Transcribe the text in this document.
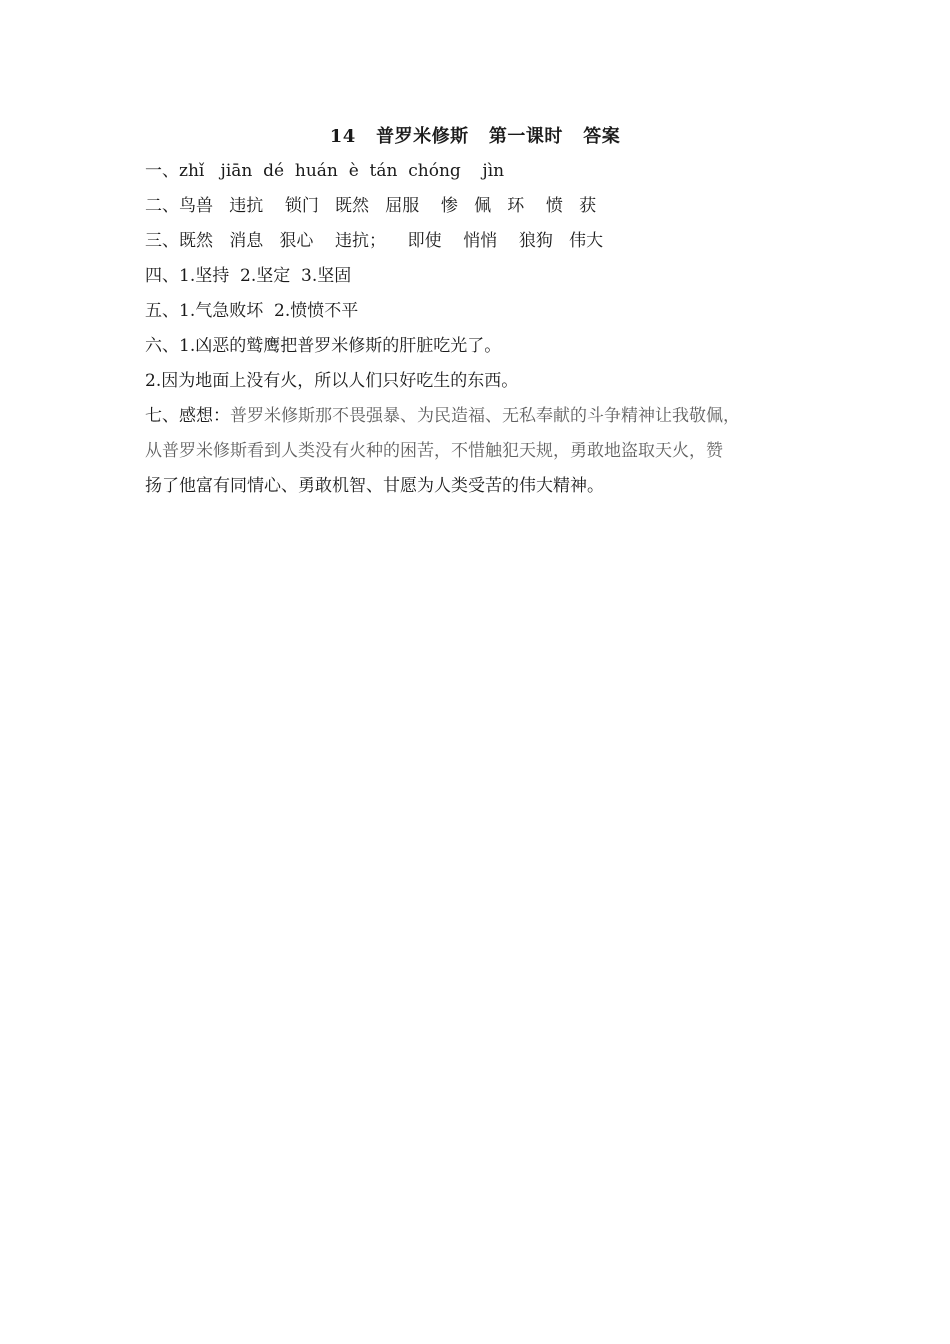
14   普罗米修斯   第一课时   答案
一、zhǐ   jiān  dé  huán  è  tán  chóng    jìn
二、鸟兽   违抗    锁门   既然   屈服    惨   佩   环    愤   获
三、既然   消息   狠心    违抗；    即使    悄悄    狼狗   伟大
四、1.坚持  2.坚定  3.坚固
五、1.气急败坏  2.愤愤不平
六、1.凶恶的鹫鹰把普罗米修斯的肝脏吃光了。
2.因为地面上没有火，所以人们只好吃生的东西。
七、感想：普罗米修斯那不畏强暴、为民造福、无私奉献的斗争精神让我敬佩，
从普罗米修斯看到人类没有火种的困苦，不惜触犯天规，勇敢地盗取天火，赞
扬了他富有同情心、勇敢机智、甘愿为人类受苦的伟大精神。
